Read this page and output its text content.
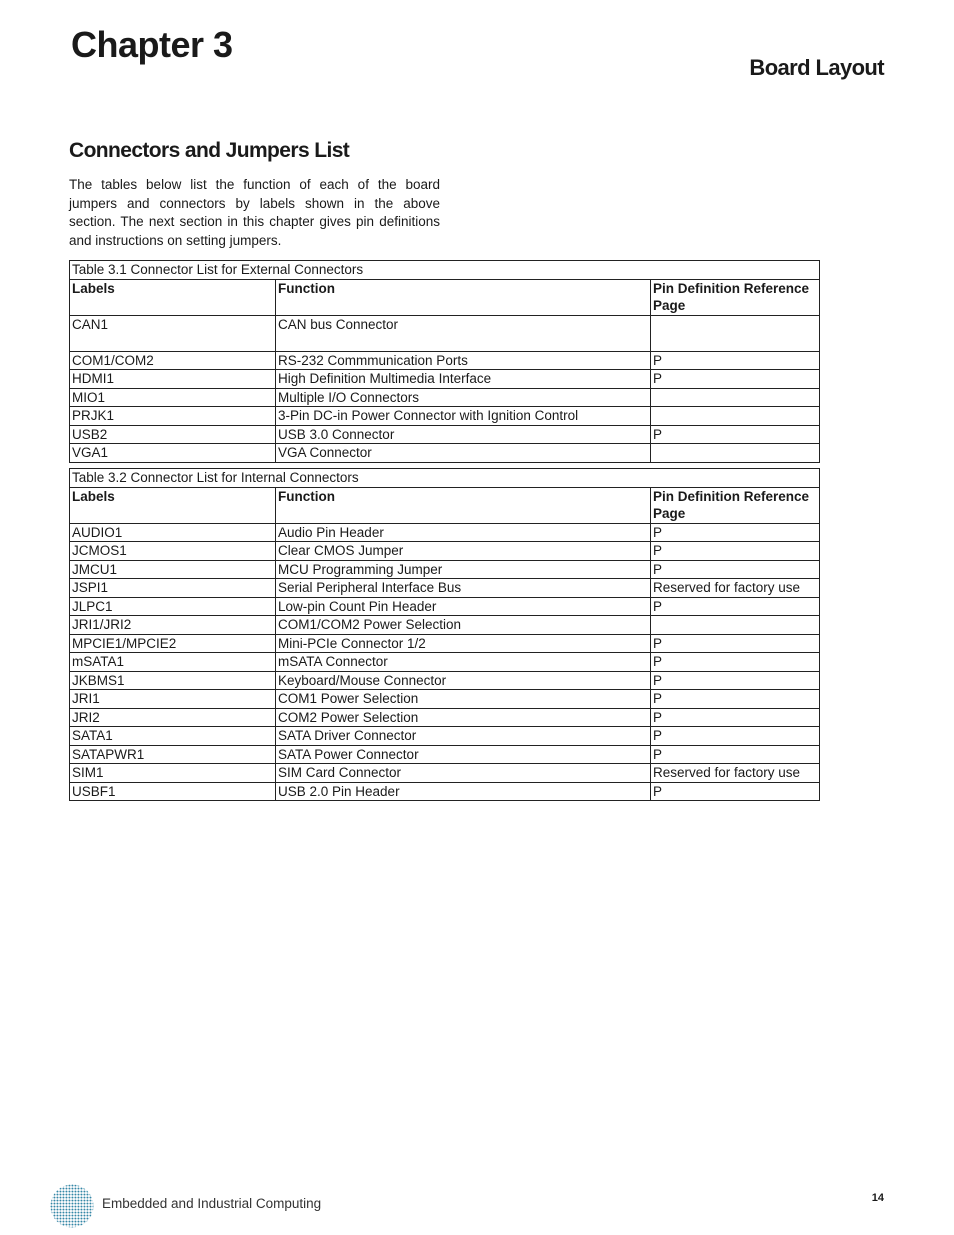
Chapter 3
Board Layout
Connectors and Jumpers List

The tables below list the function of each of the board jumpers and connectors by labels shown in the above section. The next section in this chapter gives pin definitions and instructions on setting jumpers.

Table 3.1 Connector List for External Connectors		
Labels	Function	Pin Definition Reference Page
CAN1	CAN bus Connector	
COM1/COM2	RS-232 Commmunication Ports	P
HDMI1	High Definition Multimedia Interface	P
MIO1	Multiple I/O Connectors	
PRJK1	3-Pin DC-in Power Connector with Ignition Control	
USB2	USB 3.0 Connector	P
VGA1	VGA Connector	
Table 3.2 Connector List for Internal Connectors		
Labels	Function	Pin Definition Reference Page
AUDIO1	Audio Pin Header	P
JCMOS1	Clear CMOS Jumper	P
JMCU1	MCU Programming Jumper	P
JSPI1	Serial Peripheral Interface Bus	Reserved for factory use
JLPC1	Low-pin Count Pin Header	P
JRI1/JRI2	COM1/COM2 Power Selection	
MPCIE1/MPCIE2	Mini-PCIe Connector 1/2	P
mSATA1	mSATA Connector	P
JKBMS1	Keyboard/Mouse Connector	P
JRI1	COM1 Power Selection	P
JRI2	COM2 Power Selection	P
SATA1	SATA Driver Connector	P
SATAPWR1	SATA Power Connector	P
SIM1	SIM Card Connector	Reserved for factory use
USBF1	USB 2.0 Pin Header	P

Embedded and Industrial Computing	14
